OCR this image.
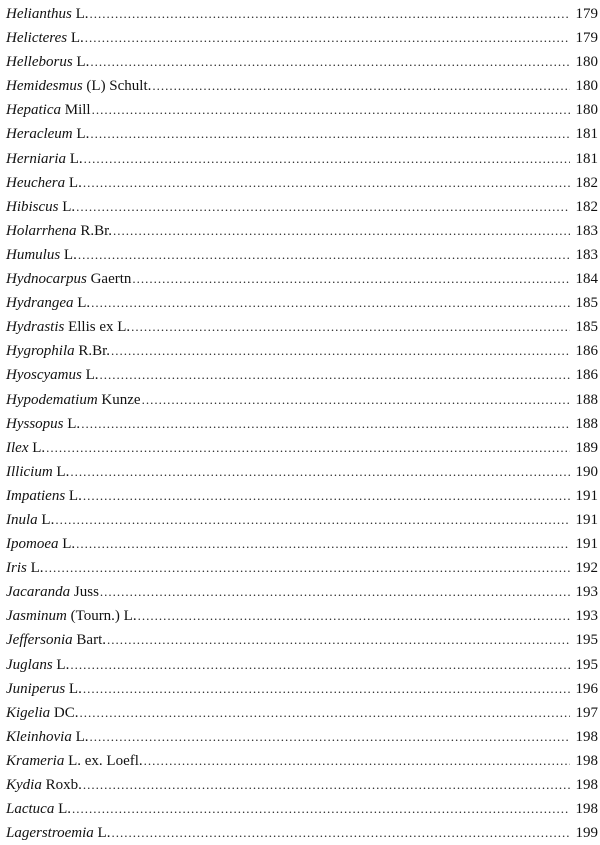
Helianthus L. .....	179
Helicteres L. .....	179
Helleborus L. .....	180
Hemidesmus (L) Schult. .....	180
Hepatica Mill .....	180
Heracleum L. .....	181
Herniaria L. .....	181
Heuchera L. .....	182
Hibiscus L. .....	182
Holarrhena R.Br. .....	183
Humulus L. .....	183
Hydnocarpus Gaertn .....	184
Hydrangea L. .....	185
Hydrastis Ellis ex L. .....	185
Hygrophila R.Br. .....	186
Hyoscyamus L. .....	186
Hypodematium Kunze .....	188
Hyssopus L. .....	188
Ilex L. .....	189
Illicium L. .....	190
Impatiens L. .....	191
Inula L. .....	191
Ipomoea L. .....	191
Iris L. .....	192
Jacaranda Juss .....	193
Jasminum (Tourn.) L. .....	193
Jeffersonia Bart. .....	195
Juglans L. .....	195
Juniperus L. .....	196
Kigelia DC. .....	197
Kleinhovia L. .....	198
Krameria L. ex. Loefl. .....	198
Kydia Roxb. .....	198
Lactuca L. .....	198
Lagerstroemia L. .....	199
